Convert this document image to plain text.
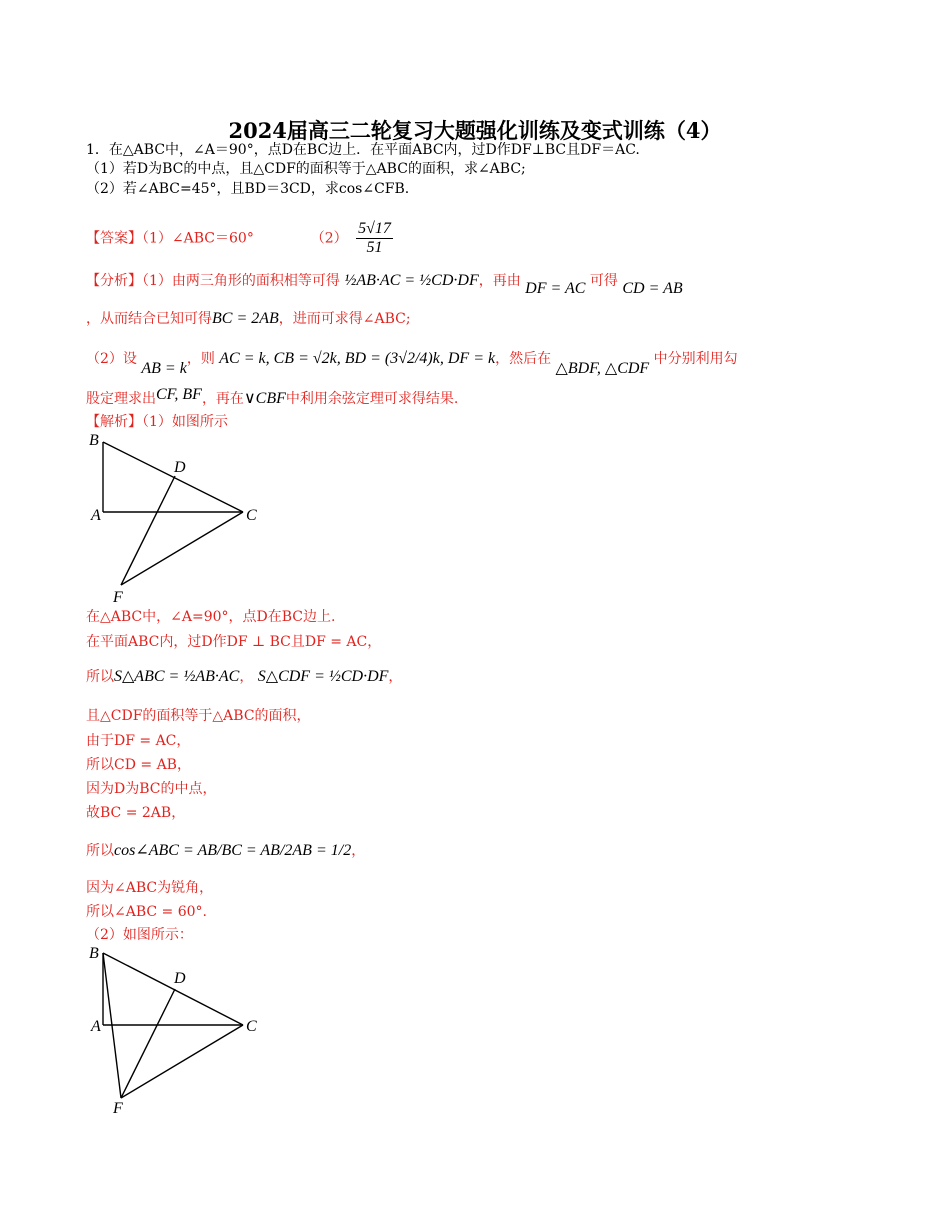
2024届高三二轮复习大题强化训练及变式训练（4）
1．在△ABC中，∠A＝90°，点D在BC边上．在平面ABC内，过D作DF⊥BC且DF＝AC.
（1）若D为BC的中点，且△CDF的面积等于△ABC的面积，求∠ABC;
（2）若∠ABC=45°，且BD＝3CD，求cos∠CFB.
【答案】（1）∠ABC＝60°	$(2) \frac{5√17}{51}$
【分析】（1）由两三角形的面积相等可得 ½AB·AC = ½CD·DF，再由 DF = AC 可得 CD = AB
，从而结合已知可得BC = 2AB，进而可求得∠ABC;
（2）设 AB = k，则 AC = k, CB = √2k, BD = (3√2/4)k, DF = k，然后在 △BDF, △CDF 中分别利用勾
股定理求出CF, BF，再在∨CBF中利用余弦定理可求得结果.
【解析】（1）如图所示
B
A	C
D
F
在△ABC中，∠A=90°，点D在BC边上.
在平面ABC内，过D作DF ⊥ BC且DF = AC，
所以S△ABC = ½AB·AC， S△CDF = ½CD·DF，
且△CDF的面积等于△ABC的面积，
由于DF = AC，
所以CD = AB，
因为D为BC的中点，
故BC = 2AB，
所以cos∠ABC = AB/BC = AB/2AB = 1/2，
因为∠ABC为锐角，
所以∠ABC = 60°.
（2）如图所示：
B
A	C
D
F
